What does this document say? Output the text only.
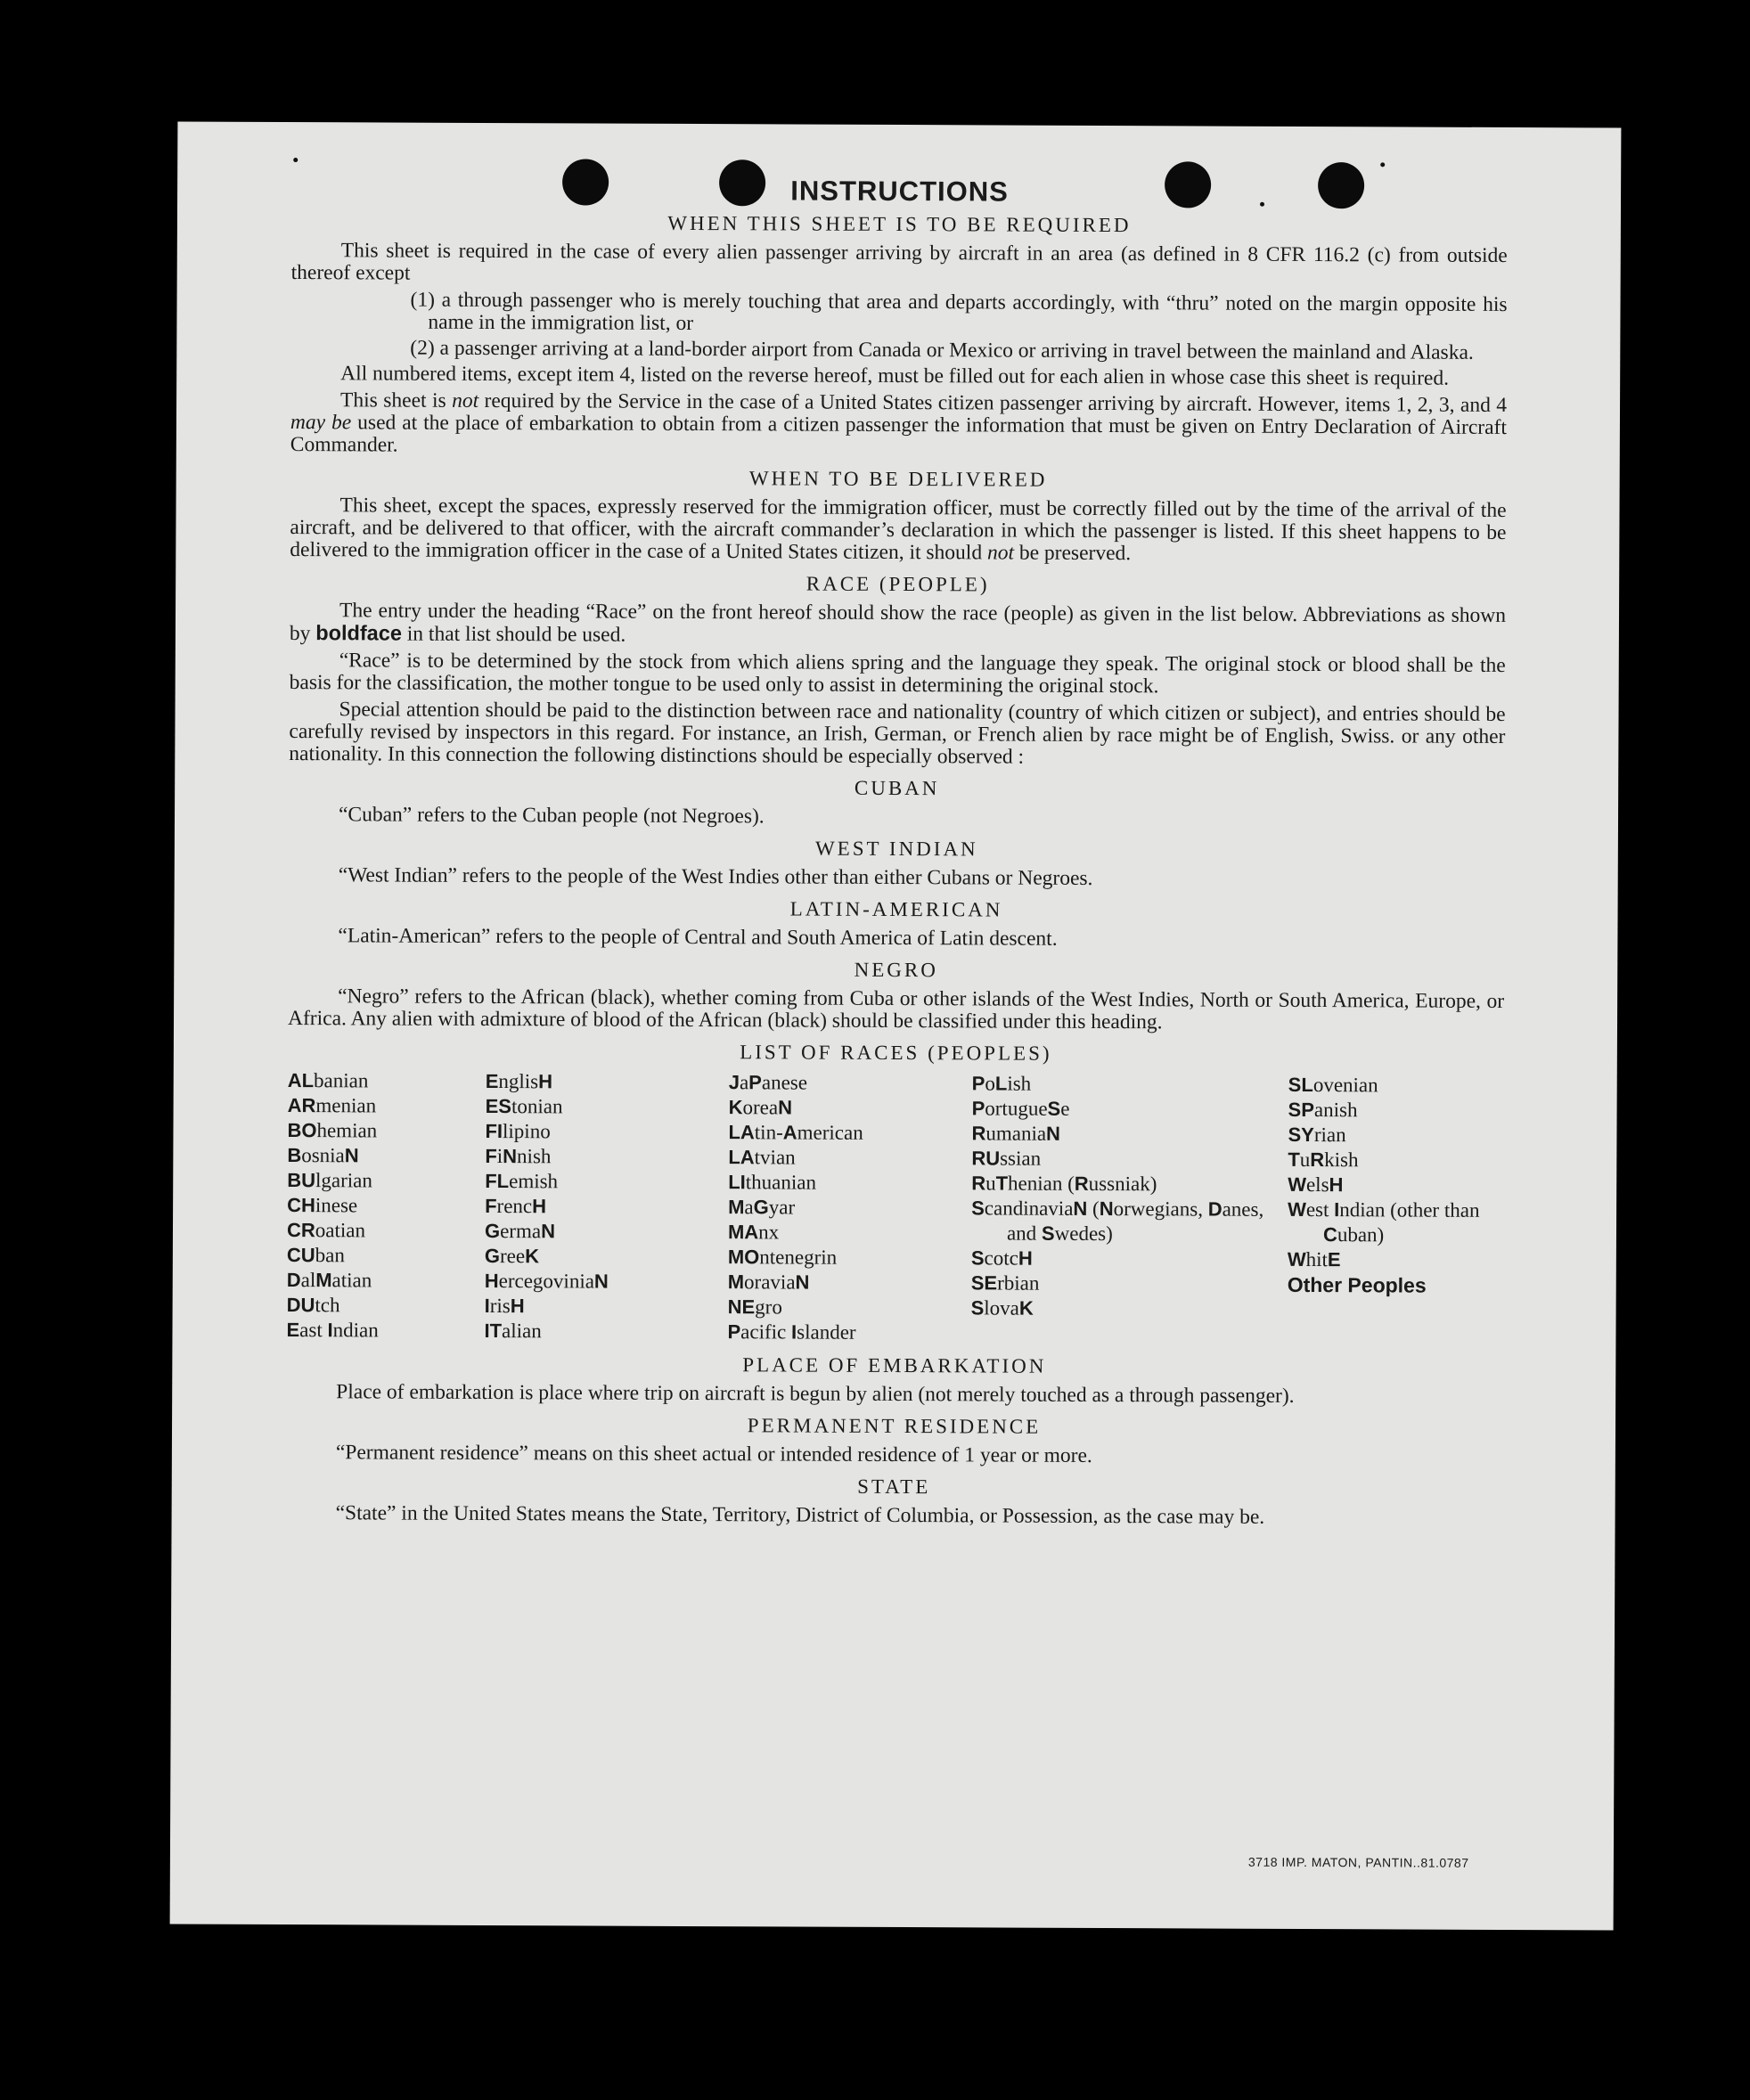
INSTRUCTIONS
WHEN THIS SHEET IS TO BE REQUIRED

This sheet is required in the case of every alien passenger arriving by aircraft in an area (as defined in 8 CFR 116.2 (c) from outside thereof except

(1) a through passenger who is merely touching that area and departs accordingly, with “thru” noted on the margin opposite his name in the immigration list, or
(2) a passenger arriving at a land-border airport from Canada or Mexico or arriving in travel between the mainland and Alaska.

All numbered items, except item 4, listed on the reverse hereof, must be filled out for each alien in whose case this sheet is required.

This sheet is not required by the Service in the case of a United States citizen passenger arriving by aircraft. However, items 1, 2, 3, and 4 may be used at the place of embarkation to obtain from a citizen passenger the information that must be given on Entry Declaration of Aircraft Commander.

WHEN TO BE DELIVERED

This sheet, except the spaces, expressly reserved for the immigration officer, must be correctly filled out by the time of the arrival of the aircraft, and be delivered to that officer, with the aircraft commander’s declaration in which the passenger is listed. If this sheet happens to be delivered to the immigration officer in the case of a United States citizen, it should not be preserved.

RACE (PEOPLE)

The entry under the heading “Race” on the front hereof should show the race (people) as given in the list below. Abbreviations as shown by boldface in that list should be used.

“Race” is to be determined by the stock from which aliens spring and the language they speak. The original stock or blood shall be the basis for the classification, the mother tongue to be used only to assist in determining the original stock.

Special attention should be paid to the distinction between race and nationality (country of which citizen or subject), and entries should be carefully revised by inspectors in this regard. For instance, an Irish, German, or French alien by race might be of English, Swiss. or any other nationality. In this connection the following distinctions should be especially observed :

CUBAN

“Cuban” refers to the Cuban people (not Negroes).

WEST INDIAN

“West Indian” refers to the people of the West Indies other than either Cubans or Negroes.

LATIN-AMERICAN

“Latin-American” refers to the people of Central and South America of Latin descent.

NEGRO

“Negro” refers to the African (black), whether coming from Cuba or other islands of the West Indies, North or South America, Europe, or Africa. Any alien with admixture of blood of the African (black) should be classified under this heading.

LIST OF RACES (PEOPLES)
ALbanian
ARmenian
BOhemian
BosniaN
BUlgarian
CHinese
CRoatian
CUban
DalMatian
DUtch
East Indian
EnglisH
EStonian
FIlipino
FiNnish
FLemish
FrencH
GermaN
GreeK
HercegoviniaN
IrisH
ITalian
JaPanese
KoreaN
LAtin-American
LAtvian
LIthuanian
MaGyar
MAnx
MOntenegrin
MoraviaN
NEgro
Pacific Islander
PoLish
PortugueSe
RumaniaN
RUssian
RuThenian (Russniak)
ScandinaviaN (Norwegians, Danes, and Swedes)
ScotcH
SErbian
SlovaK
SLovenian
SPanish
SYrian
TuRkish
WelsH
West Indian (other than Cuban)
WhitE
Other Peoples
PLACE OF EMBARKATION

Place of embarkation is place where trip on aircraft is begun by alien (not merely touched as a through passenger).

PERMANENT RESIDENCE

“Permanent residence” means on this sheet actual or intended residence of 1 year or more.

STATE

“State” in the United States means the State, Territory, District of Columbia, or Possession, as the case may be.

3718 IMP. MATON, PANTIN..81.0787
